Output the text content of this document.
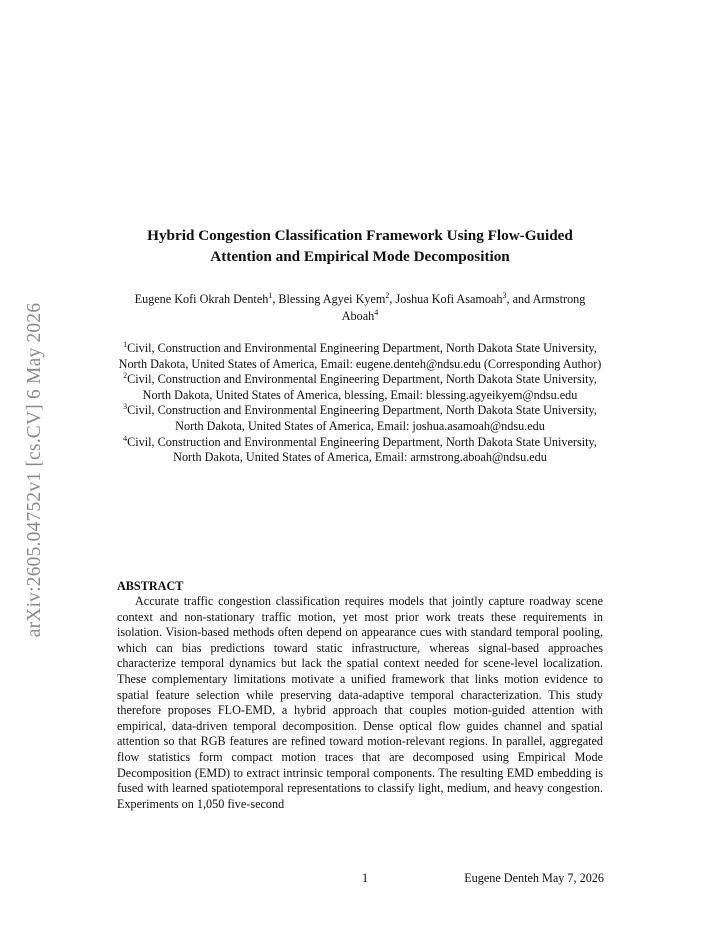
arXiv:2605.04752v1 [cs.CV] 6 May 2026
Hybrid Congestion Classification Framework Using Flow-Guided Attention and Empirical Mode Decomposition
Eugene Kofi Okrah Denteh$^1$, Blessing Agyei Kyem$^2$, Joshua Kofi Asamoah$^3$, and Armstrong Aboah$^4$
$^1$Civil, Construction and Environmental Engineering Department, North Dakota State University, North Dakota, United States of America, Email: eugene.denteh@ndsu.edu (Corresponding Author)
$^2$Civil, Construction and Environmental Engineering Department, North Dakota State University, North Dakota, United States of America, blessing, Email: blessing.agyeikyem@ndsu.edu
$^3$Civil, Construction and Environmental Engineering Department, North Dakota State University, North Dakota, United States of America, Email: joshua.asamoah@ndsu.edu
$^4$Civil, Construction and Environmental Engineering Department, North Dakota State University, North Dakota, United States of America, Email: armstrong.aboah@ndsu.edu
ABSTRACT
Accurate traffic congestion classification requires models that jointly capture roadway scene context and non-stationary traffic motion, yet most prior work treats these requirements in isolation. Vision-based methods often depend on appearance cues with standard temporal pooling, which can bias predictions toward static infrastructure, whereas signal-based approaches characterize temporal dynamics but lack the spatial context needed for scene-level localization. These complementary limitations motivate a unified framework that links motion evidence to spatial feature selection while preserving data-adaptive temporal characterization. This study therefore proposes FLO-EMD, a hybrid approach that couples motion-guided attention with empirical, data-driven temporal decomposition. Dense optical flow guides channel and spatial attention so that RGB features are refined toward motion-relevant regions. In parallel, aggregated flow statistics form compact motion traces that are decomposed using Empirical Mode Decomposition (EMD) to extract intrinsic temporal components. The resulting EMD embedding is fused with learned spatiotemporal representations to classify light, medium, and heavy congestion. Experiments on 1,050 five-second
1	Eugene Denteh May 7, 2026
